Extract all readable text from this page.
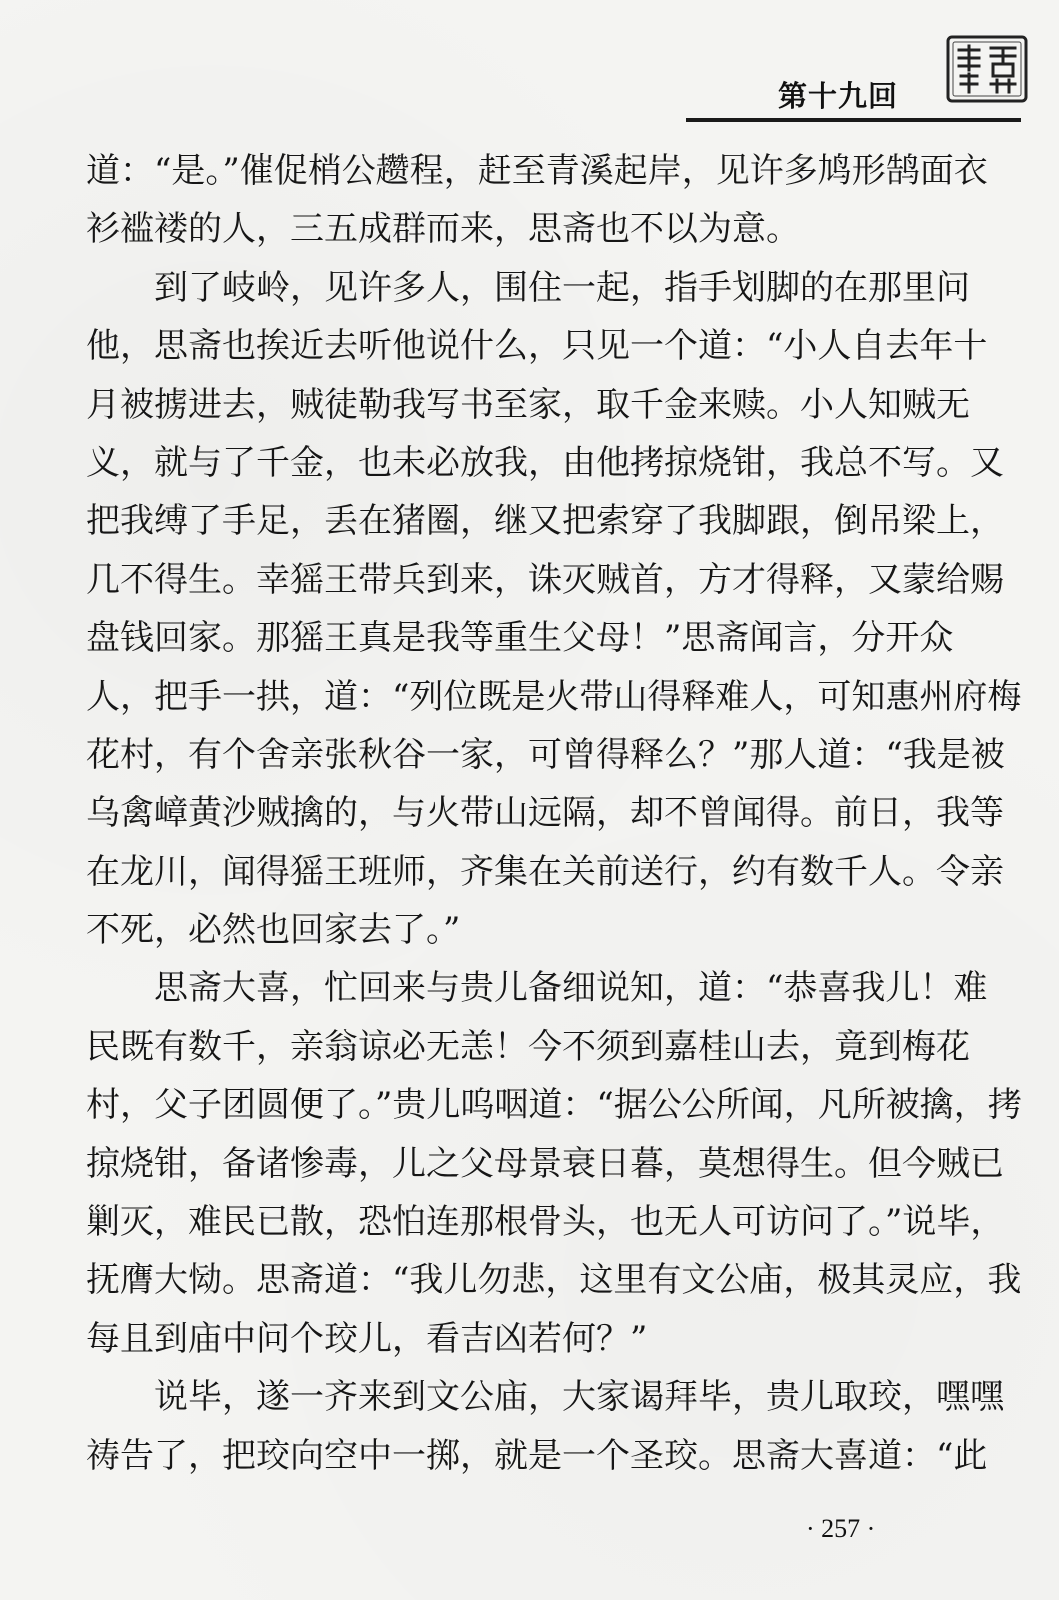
第十九回
道：“是。”催促梢公趱程，赶至青溪起岸，见许多鸠形鹄面衣
衫褴褛的人，三五成群而来，思斋也不以为意。
到了岐岭，见许多人，围住一起，指手划脚的在那里问
他，思斋也挨近去听他说什么，只见一个道：“小人自去年十
月被掳进去，贼徒勒我写书至家，取千金来赎。小人知贼无
义，就与了千金，也未必放我，由他拷掠烧钳，我总不写。又
把我缚了手足，丢在猪圈，继又把索穿了我脚跟，倒吊梁上，
几不得生。幸猺王带兵到来，诛灭贼首，方才得释，又蒙给赐
盘钱回家。那猺王真是我等重生父母！”思斋闻言，分开众
人，把手一拱，道：“列位既是火带山得释难人，可知惠州府梅
花村，有个舍亲张秋谷一家，可曾得释么？”那人道：“我是被
乌禽嶂黄沙贼擒的，与火带山远隔，却不曾闻得。前日，我等
在龙川，闻得猺王班师，齐集在关前送行，约有数千人。令亲
不死，必然也回家去了。”
思斋大喜，忙回来与贵儿备细说知，道：“恭喜我儿！难
民既有数千，亲翁谅必无恙！今不须到嘉桂山去，竟到梅花
村，父子团圆便了。”贵儿呜咽道：“据公公所闻，凡所被擒，拷
掠烧钳，备诸惨毒，儿之父母景衰日暮，莫想得生。但今贼已
剿灭，难民已散，恐怕连那根骨头，也无人可访问了。”说毕，
抚膺大恸。思斋道：“我儿勿悲，这里有文公庙，极其灵应，我
每且到庙中问个珓儿，看吉凶若何？”
说毕，遂一齐来到文公庙，大家谒拜毕，贵儿取珓，嘿嘿
祷告了，把珓向空中一掷，就是一个圣珓。思斋大喜道：“此
· 257 ·
